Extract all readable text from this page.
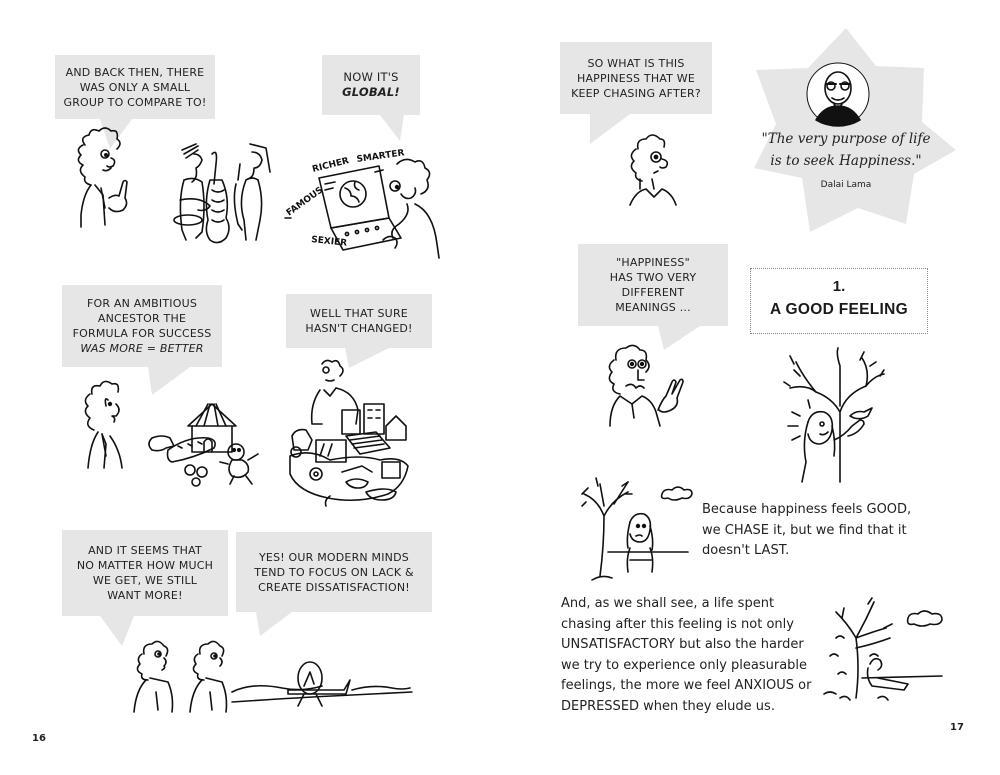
AND BACK THEN, THERE
WAS ONLY A SMALL
GROUP TO COMPARE TO!
NOW IT'S
GLOBAL!
RICHER SMARTER
FAMOUS
SEXIER
FOR AN AMBITIOUS
ANCESTOR THE
FORMULA FOR SUCCESS
WAS MORE = BETTER
WELL THAT SURE
HASN'T CHANGED!
AND IT SEEMS THAT
NO MATTER HOW MUCH
WE GET, WE STILL
WANT MORE!
YES! OUR MODERN MINDS
TEND TO FOCUS ON LACK &
CREATE DISSATISFACTION!
16
SO WHAT IS THIS
HAPPINESS THAT WE
KEEP CHASING AFTER?
"The very purpose of life
is to seek Happiness."
Dalai Lama
"HAPPINESS"
HAS TWO VERY
DIFFERENT
MEANINGS ...
1.
A GOOD FEELING
Because happiness feels GOOD,
we CHASE it, but we find that it
doesn't LAST.
And, as we shall see, a life spent
chasing after this feeling is not only
UNSATISFACTORY but also the harder
we try to experience only pleasurable
feelings, the more we feel ANXIOUS or
DEPRESSED when they elude us.
17
